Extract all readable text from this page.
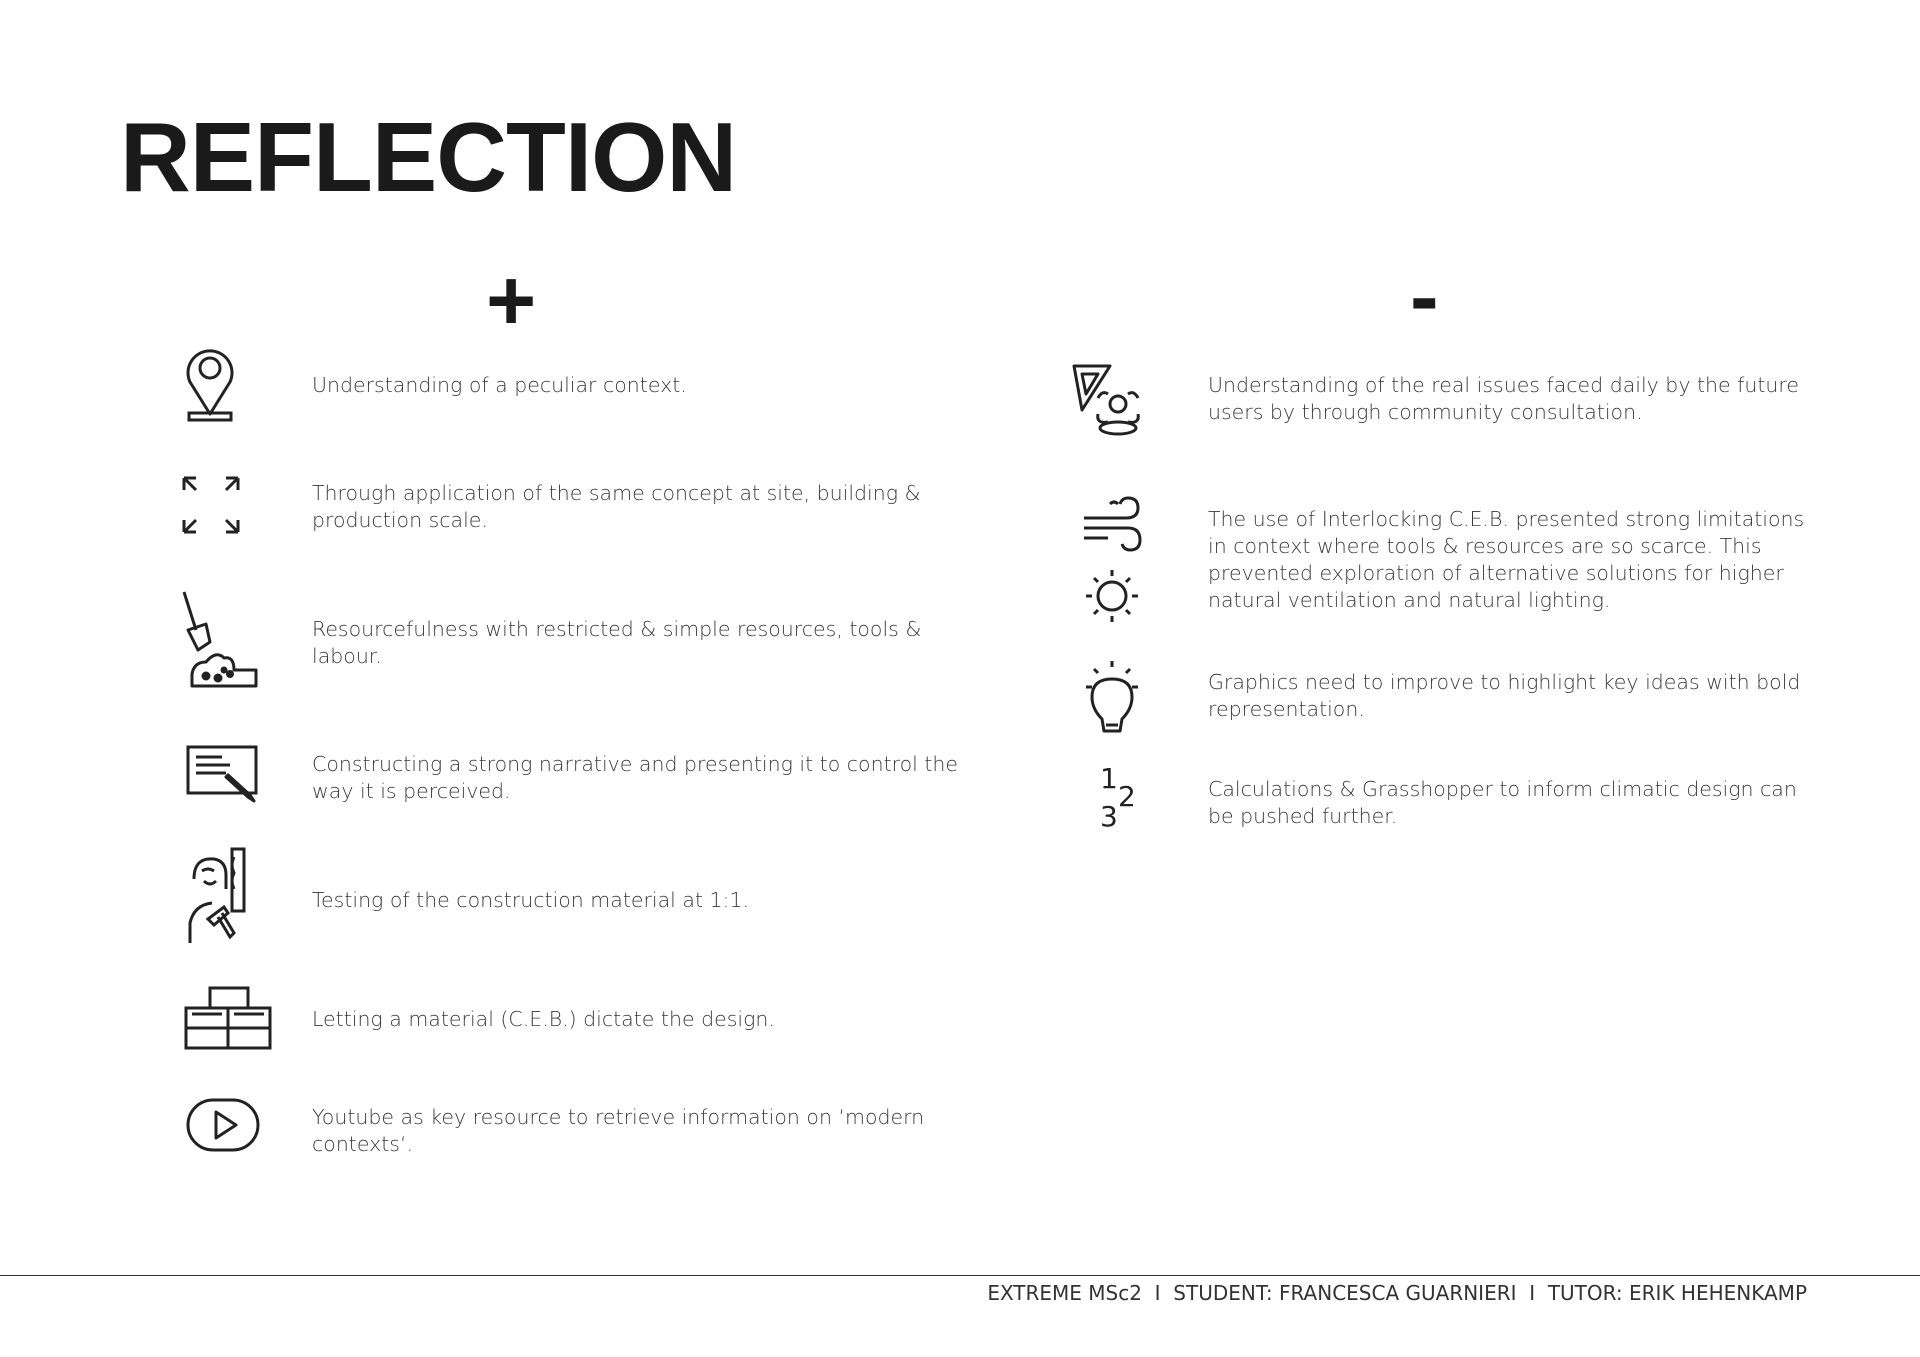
REFLECTION
+	-
Understanding of a peculiar context.
Through application of the same concept at site, building & production scale.
Resourcefulness with restricted & simple resources, tools & labour.
Constructing a strong narrative and presenting it to control the way it is perceived.
Testing of the construction material at 1:1.
Letting a material (C.E.B.) dictate the design.
Youtube as key resource to retrieve information on ‘modern contexts‘.
Understanding of the real issues faced daily by the future users by through community consultation.
The use of Interlocking C.E.B. presented strong limitations in context where tools & resources are so scarce. This prevented exploration of alternative solutions for higher natural ventilation and natural lighting.
Graphics need to improve to highlight key ideas with bold representation.
1
2
3
Calculations & Grasshopper to inform climatic design can be pushed further.
EXTREME MSc2  I  STUDENT: FRANCESCA GUARNIERI  I  TUTOR: ERIK HEHENKAMP
